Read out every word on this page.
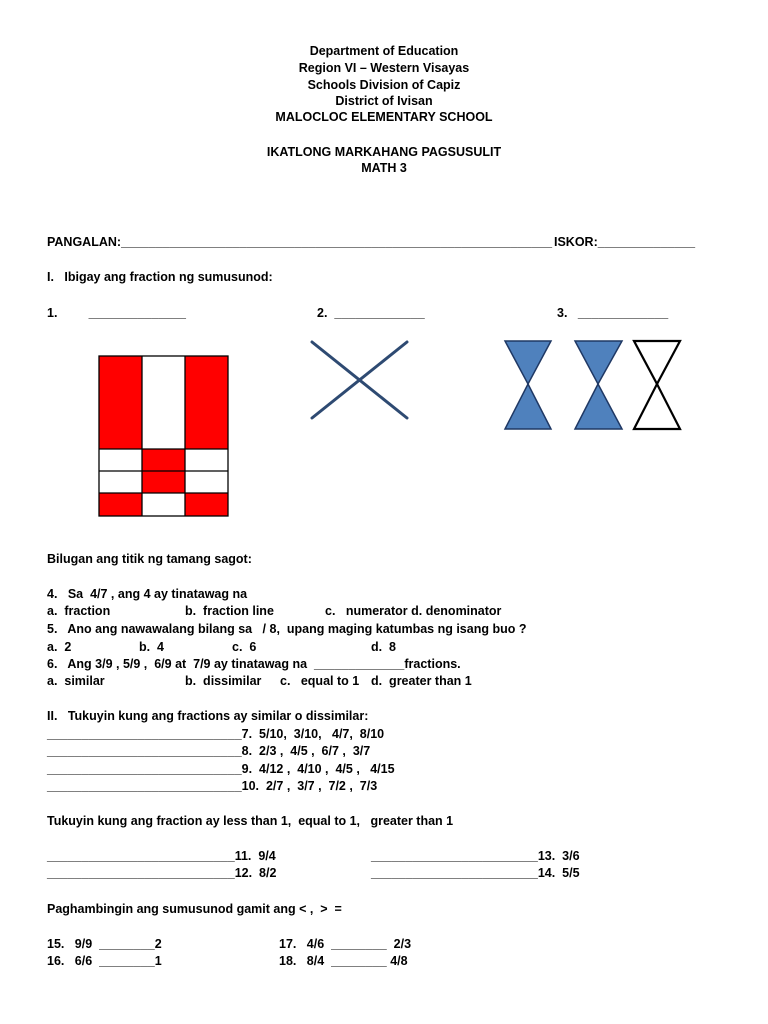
Department of Education
Region VI – Western Visayas
Schools Division of Capiz
District of Ivisan
MALOCLOC ELEMENTARY SCHOOL
IKATLONG MARKAHANG PAGSUSULIT
MATH 3
PANGALAN:______________________________________________________________ ISKOR:______________
I.   Ibigay ang fraction ng sumusunod:
1.         ______________	2.  _____________	3.   _____________
Bilugan ang titik ng tamang sagot:
4.   Sa  4/7 , ang 4 ay tinatawag na
a.  fraction	b.  fraction line	c.   numerator d. denominator
5.   Ano ang nawawalang bilang sa   / 8,  upang maging katumbas ng isang buo ?
a.  2	b.  4	c.  6	d.  8
6.   Ang 3/9 , 5/9 ,  6/9 at  7/9 ay tinatawag na  _____________fractions.
a.  similar	b.  dissimilar c.   equal to 1 d.  greater than 1
II.   Tukuyin kung ang fractions ay similar o dissimilar:
____________________________7.  5/10,  3/10,   4/7,  8/10
____________________________8.  2/3 ,  4/5 ,  6/7 ,  3/7
____________________________9.  4/12 ,  4/10 ,  4/5 ,   4/15
____________________________10.  2/7 ,  3/7 ,  7/2 ,  7/3
Tukuyin kung ang fraction ay less than 1,  equal to 1,   greater than 1
___________________________11.  9/4	________________________13.  3/6
___________________________12.  8/2	________________________14.  5/5
Paghambingin ang sumusunod gamit ang < ,  >  =
15.   9/9  ________2	17.   4/6  ________  2/3
16.   6/6  ________1	18.   8/4  ________ 4/8
